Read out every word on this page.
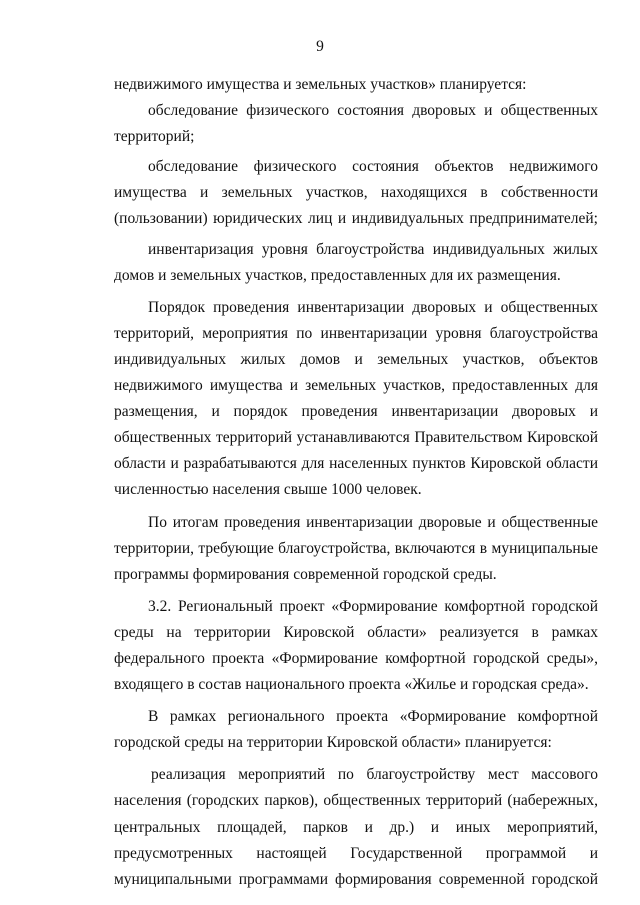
9
недвижимого имущества и земельных участков» планируется:
обследование физического состояния дворовых и общественных
территорий;
обследование физического состояния объектов недвижимого
имущества и земельных участков, находящихся в собственности
(пользовании) юридических лиц и индивидуальных предпринимателей;
инвентаризация уровня благоустройства индивидуальных жилых
домов и земельных участков, предоставленных для их размещения.
Порядок проведения инвентаризации дворовых и общественных
территорий, мероприятия по инвентаризации уровня благоустройства
индивидуальных жилых домов и земельных участков, объектов
недвижимого имущества и земельных участков, предоставленных для
размещения, и порядок проведения инвентаризации дворовых и
общественных территорий устанавливаются Правительством Кировской
области и разрабатываются для населенных пунктов Кировской области
численностью населения свыше 1000 человек.
По итогам проведения инвентаризации дворовые и общественные
территории, требующие благоустройства, включаются в муниципальные
программы формирования современной городской среды.
3.2. Региональный проект «Формирование комфортной городской
среды на территории Кировской области» реализуется в рамках
федерального проекта «Формирование комфортной городской среды»,
входящего в состав национального проекта «Жилье и городская среда».
В рамках регионального проекта «Формирование комфортной
городской среды на территории Кировской области» планируется:
реализация мероприятий по благоустройству мест массового
населения (городских парков), общественных территорий (набережных,
центральных площадей, парков и др.) и иных мероприятий,
предусмотренных настоящей Государственной программой и
муниципальными программами формирования современной городской
